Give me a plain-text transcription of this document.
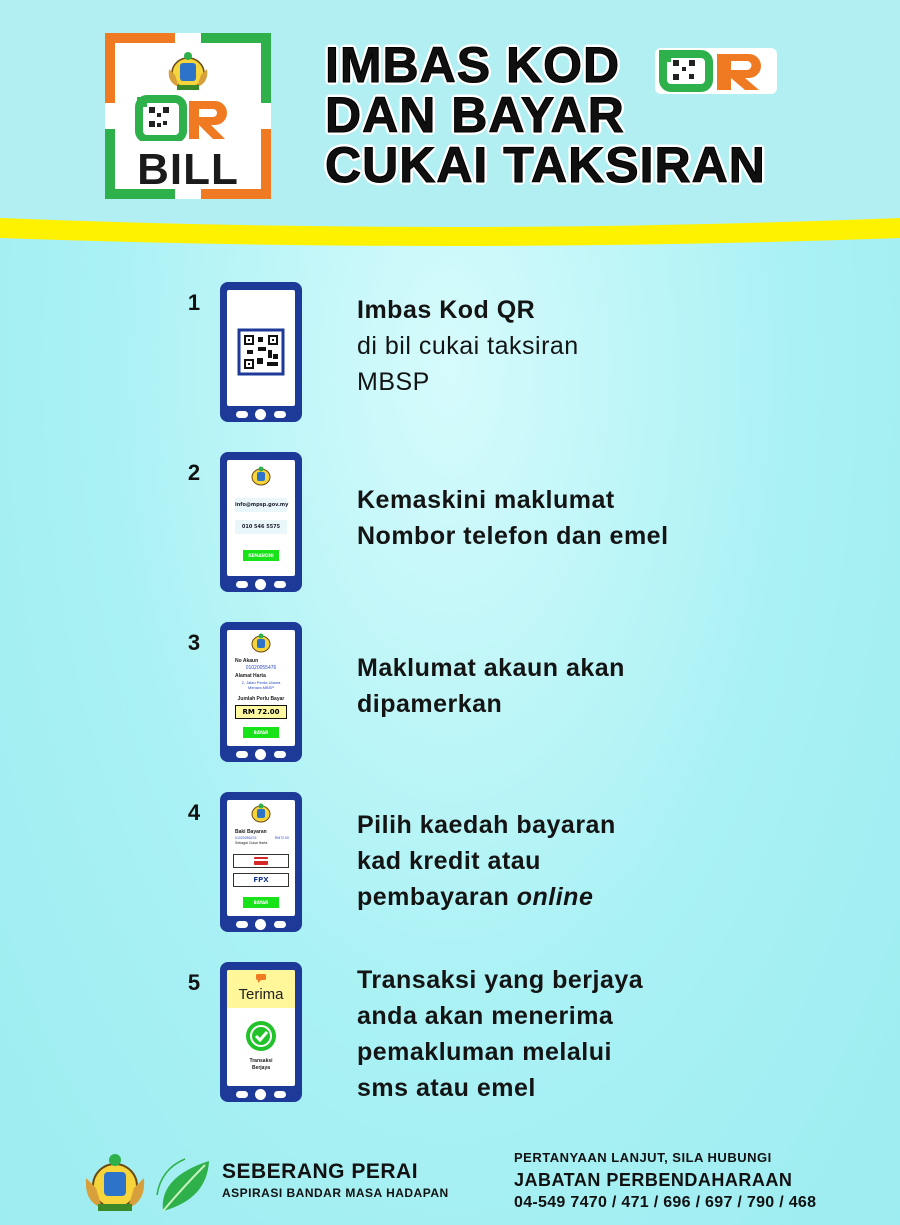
BILL
IMBAS KOD
DAN BAYAR
CUKAI TAKSIRAN
1	Imbas Kod QR
di bil cukai taksiran
MBSP
2
info@mpsp.gov.my
010 546 5575
KEMASKINI
Kemaskini maklumat
Nombor telefon dan emel
3
No Akaun
01020055476
Alamat Harta
2, Jalan Perda Utama
Menara MBSP
Jumlah Perlu Bayar
RM 72.00
BAYAR
Maklumat akaun akan
dipamerkan
4
Baki Bayaran
01020055476	RM72.00
Sebagai Cukai Harta
FPX
BAYAR
Pilih kaedah bayaran
kad kredit atau
pembayaran online
5	Terima
Transaksi
Berjaya
Transaksi yang berjaya
anda akan menerima
pemakluman melalui
sms atau emel
SEBERANG PERAI
ASPIRASI BANDAR MASA HADAPAN
PERTANYAAN LANJUT, SILA HUBUNGI
JABATAN PERBENDAHARAAN
04-549 7470 / 471 / 696 / 697 / 790 / 468
